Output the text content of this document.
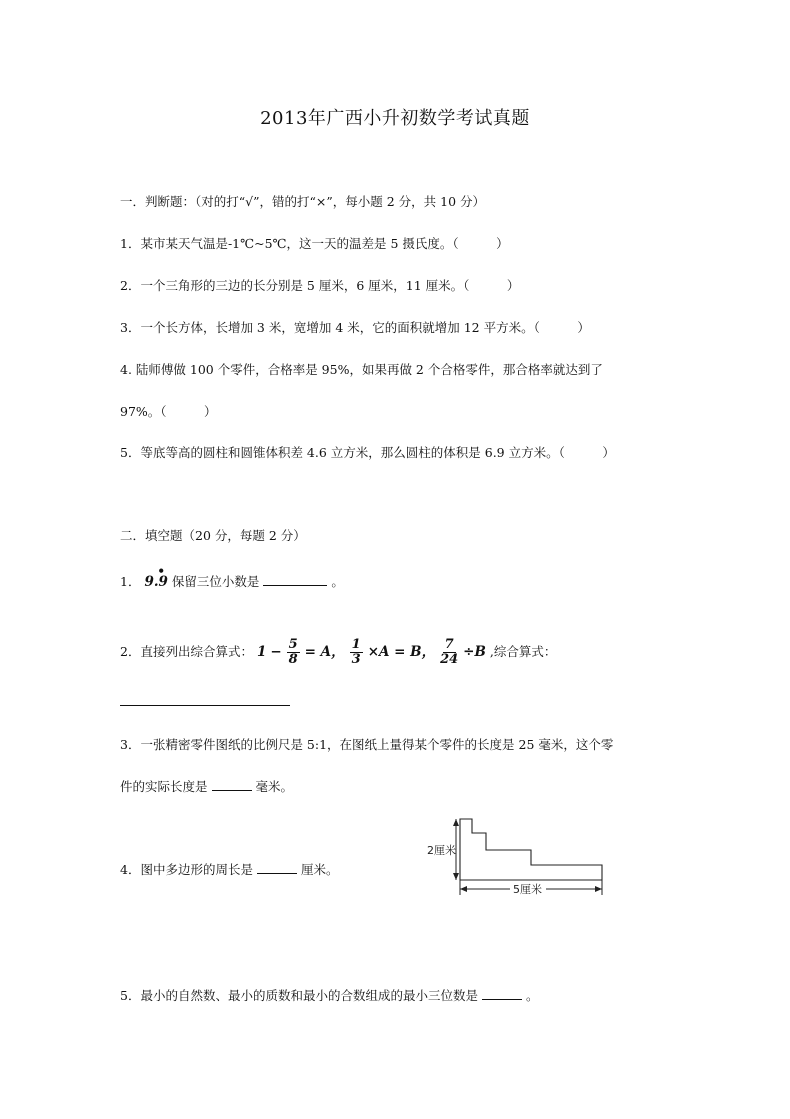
2013年广西小升初数学考试真题
一．判断题：（对的打“√”，错的打“×”，每小题 2 分，共 10 分）
1．某市某天气温是-1℃~5℃，这一天的温差是 5 摄氏度。（　　　）
2．一个三角形的三边的长分别是 5 厘米，6 厘米，11 厘米。（　　　）
3．一个长方体，长增加 3 米，宽增加 4 米，它的面积就增加 12 平方米。（　　　）
4. 陆师傅做 100 个零件，合格率是 95%，如果再做 2 个合格零件，那合格率就达到了
97%。（　　　）
5．等底等高的圆柱和圆锥体积差 4.6 立方米，那么圆柱的体积是 6.9 立方米。（　　　）
二．填空题（20 分，每题 2 分）
1．
•
9.9 保留三位小数是	。
2．直接列出综合算式： $1 - \frac{5}{8} = A$， $\frac{1}{3} \times A = B$， $\frac{7}{24} \div B$ ,综合算式：
3．一张精密零件图纸的比例尺是 5:1，在图纸上量得某个零件的长度是 25 毫米，这个零
件的实际长度是	毫米。
4．图中多边形的周长是	厘米。
2厘米
5厘米
5．最小的自然数、最小的质数和最小的合数组成的最小三位数是	。
